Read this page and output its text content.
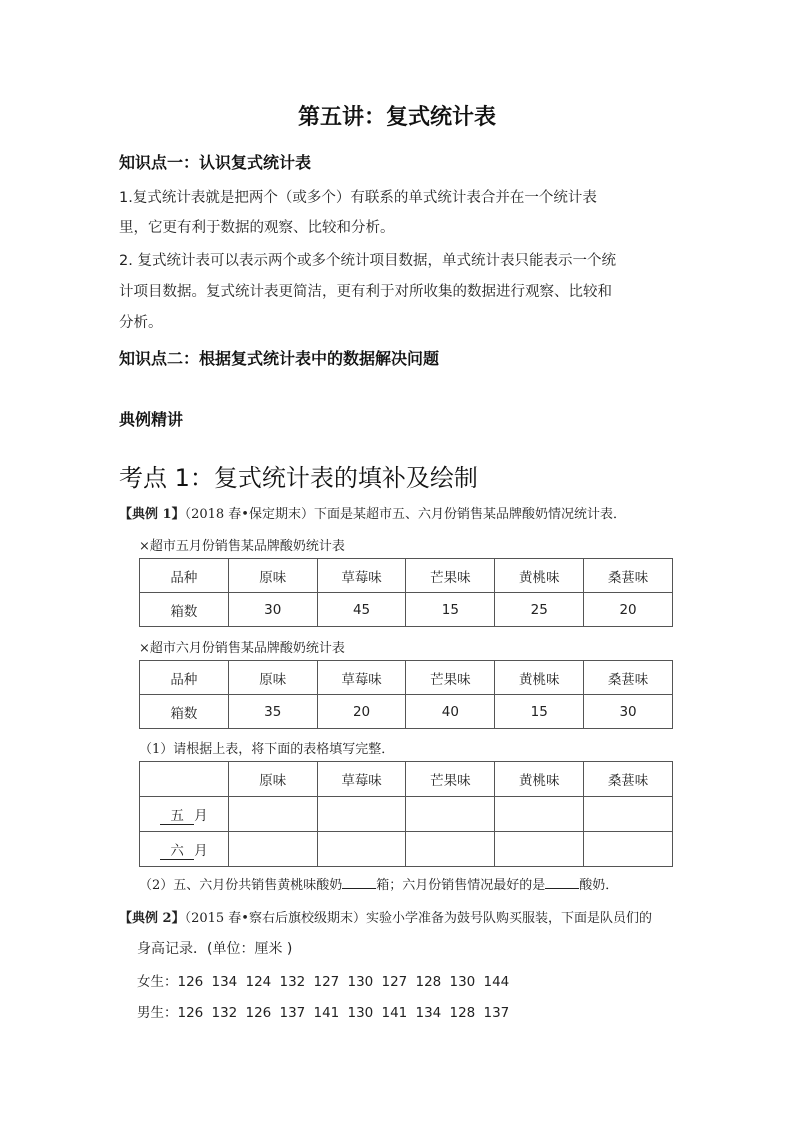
第五讲：复式统计表
知识点一：认识复式统计表
1.复式统计表就是把两个（或多个）有联系的单式统计表合并在一个统计表
里，它更有利于数据的观察、比较和分析。
2. 复式统计表可以表示两个或多个统计项目数据，单式统计表只能表示一个统
计项目数据。复式统计表更简洁，更有利于对所收集的数据进行观察、比较和
分析。
知识点二：根据复式统计表中的数据解决问题
典例精讲
考点 1：复式统计表的填补及绘制
【典例 1】（2018 春•保定期末）下面是某超市五、六月份销售某品牌酸奶情况统计表．
×超市五月份销售某品牌酸奶统计表
品种	原味	草莓味	芒果味	黄桃味	桑葚味
箱数	30	45	15	25	20
×超市六月份销售某品牌酸奶统计表
品种	原味	草莓味	芒果味	黄桃味	桑葚味
箱数	35	20	40	15	30
（1）请根据上表，将下面的表格填写完整．
	原味	草莓味	芒果味	黄桃味	桑葚味
五 月					
六 月					
（2）五、六月份共销售黄桃味酸奶	箱；六月份销售情况最好的是	酸奶．
【典例 2】（2015 春•察右后旗校级期末）实验小学准备为鼓号队购买服装，下面是队员们的
身高记录．(单位：厘米 )
女生：126 134 124 132 127 130 127 128 130 144
男生：126 132 126 137 141 130 141 134 128 137
